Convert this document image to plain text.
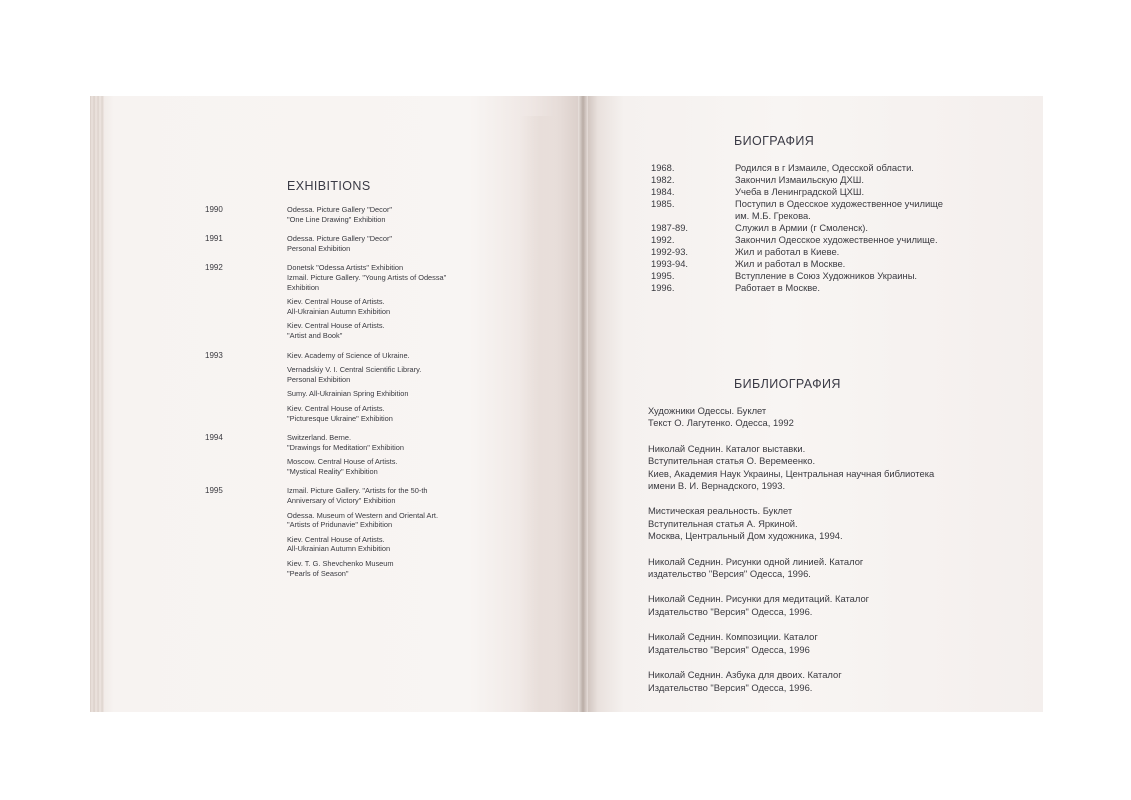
EXHIBITIONS
1990	Odessa. Picture Gallery "Decor"
"One Line Drawing" Exhibition
1991	Odessa. Picture Gallery "Decor"
Personal Exhibition
1992	Donetsk "Odessa Artists" Exhibition
Izmail. Picture Gallery. "Young Artists of Odessa"
Exhibition
Kiev. Central House of Artists.
All-Ukrainian Autumn Exhibition
Kiev. Central House of Artists.
"Artist and Book"
1993	Kiev. Academy of Science of Ukraine.
Vernadskiy V. I. Central Scientific Library.
Personal Exhibition
Sumy. All-Ukrainian Spring Exhibition
Kiev. Central House of Artists.
"Picturesque Ukraine" Exhibition
1994	Switzerland. Berne.
"Drawings for Meditation" Exhibition
Moscow. Central House of Artists.
"Mystical Reality" Exhibition
1995	Izmail. Picture Gallery. "Artists for the 50-th
Anniversary of Victory" Exhibition
Odessa. Museum of Western and Oriental Art.
"Artists of Pridunavie" Exhibition
Kiev. Central House of Artists.
All-Ukrainian Autumn Exhibition
Kiev. T. G. Shevchenko Museum
"Pearls of Season"
БИОГРАФИЯ
1968.	Родился в г Измаиле, Одесской области.
1982.	Закончил Измаильскую ДХШ.
1984.	Учеба в Ленинградской ЦХШ.
1985.	Поступил в Одесское художественное училище
им. М.Б. Грекова.
1987-89.	Служил в Армии (г Смоленск).
1992.	Закончил Одесское художественное училище.
1992-93.	Жил и работал в Киеве.
1993-94.	Жил и работал в Москве.
1995.	Вступление в Союз Художников Украины.
1996.	Работает в Москве.
БИБЛИОГРАФИЯ
Художники Одессы. Буклет
Текст О. Лагутенко. Одесса, 1992
Николай Седнин. Каталог выставки.
Вступительная статья О. Веремеенко.
Киев, Академия Наук Украины, Центральная научная библиотека
имени В. И. Вернадского, 1993.
Мистическая реальность. Буклет
Вступительная статья А. Яркиной.
Москва, Центральный Дом художника, 1994.
Николай Седнин. Рисунки одной линией. Каталог
издательство "Версия" Одесса, 1996.
Николай Седнин. Рисунки для медитаций. Каталог
Издательство "Версия" Одесса, 1996.
Николай Седнин. Композиции. Каталог
Издательство "Версия" Одесса, 1996
Николай Седнин. Азбука для двоих. Каталог
Издательство "Версия" Одесса, 1996.
